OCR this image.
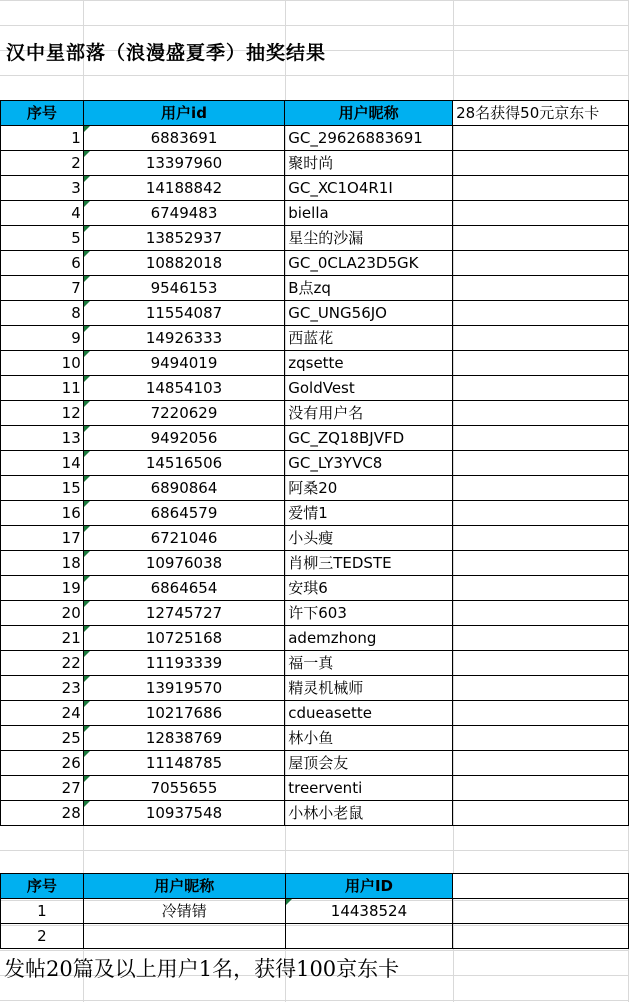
汉中星部落（浪漫盛夏季）抽奖结果
序号	用户id	用户昵称	28名获得50元京东卡
1	6883691	GC_29626883691	
2	13397960	聚时尚	
3	14188842	GC_XC1O4R1I	
4	6749483	biella	
5	13852937	星尘的沙漏	
6	10882018	GC_0CLA23D5GK	
7	9546153	B点zq	
8	11554087	GC_UNG56JO	
9	14926333	西蓝花	
10	9494019	zqsette	
11	14854103	GoldVest	
12	7220629	没有用户名	
13	9492056	GC_ZQ18BJVFD	
14	14516506	GC_LY3YVC8	
15	6890864	阿桑20	
16	6864579	爱情1	
17	6721046	小头瘦	
18	10976038	肖柳三TEDSTE	
19	6864654	安琪6	
20	12745727	许下603	
21	10725168	ademzhong	
22	11193339	福一真	
23	13919570	精灵机械师	
24	10217686	cdueasette	
25	12838769	林小鱼	
26	11148785	屋顶会友	
27	7055655	treerventi	
28	10937548	小林小老鼠	
序号	用户昵称	用户ID	
1	冷锖锖	14438524	
2			
发帖20篇及以上用户1名，获得100京东卡
